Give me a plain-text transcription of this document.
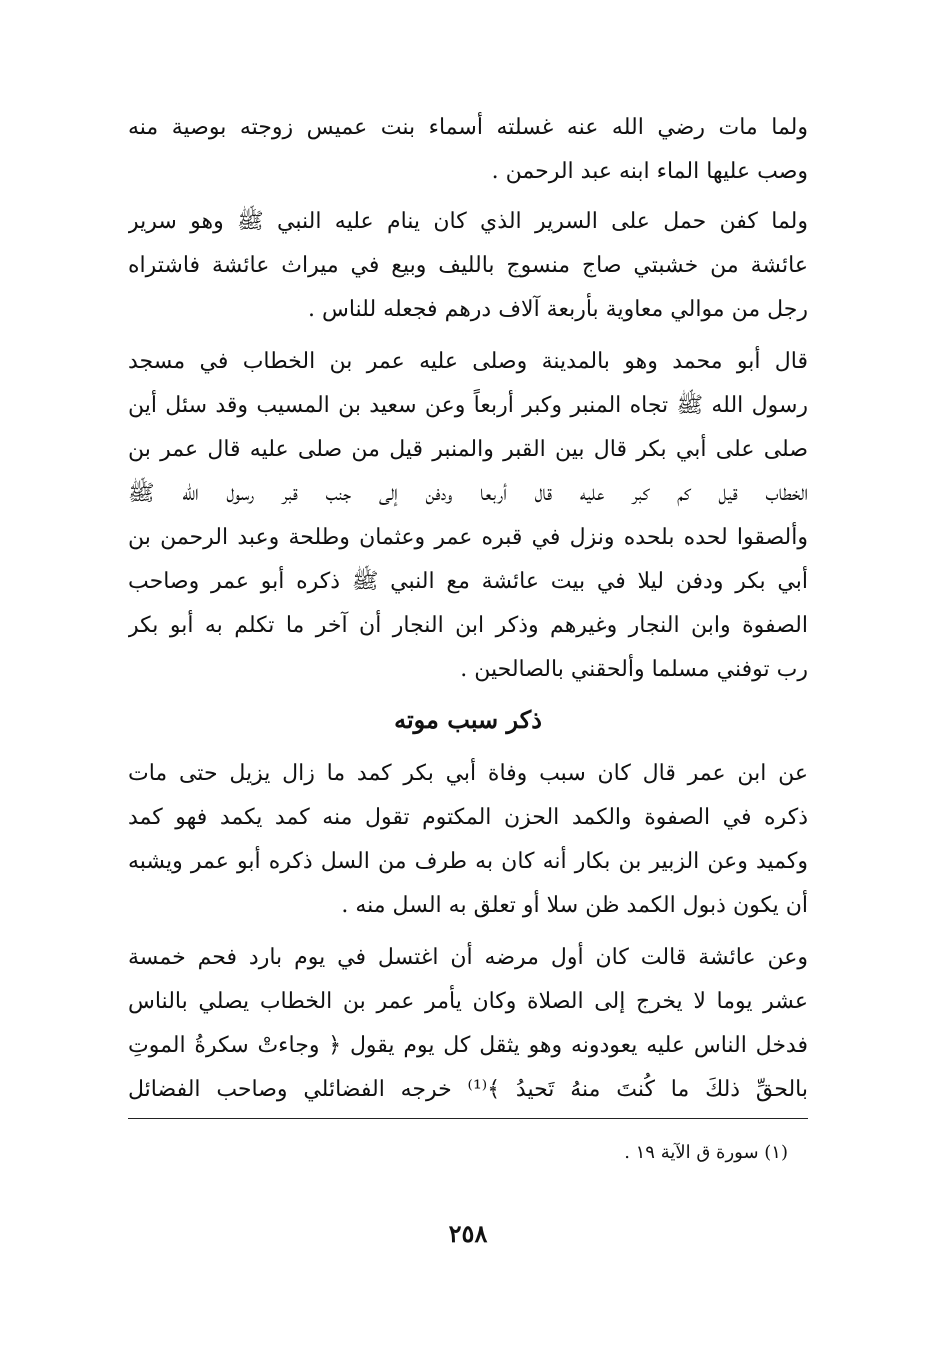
ولما مات رضي الله عنه غسلته أسماء بنت عميس زوجته بوصية منه
وصب عليها الماء ابنه عبد الرحمن .
ولما كفن حمل على السرير الذي كان ينام عليه النبي ﷺ وهو سرير
عائشة من خشبتي صاج منسوج بالليف وبيع في ميراث عائشة فاشتراه
رجل من موالي معاوية بأربعة آلاف درهم فجعله للناس .
قال أبو محمد وهو بالمدينة وصلى عليه عمر بن الخطاب في مسجد
رسول الله ﷺ تجاه المنبر وكبر أربعاً وعن سعيد بن المسيب وقد سئل أين
صلى على أبي بكر قال بين القبر والمنبر قيل من صلى عليه قال عمر بن
الخطاب قيل كم كبر عليه قال أربعا ودفن إلى جنب قبر رسول الله ﷺ
وألصقوا لحده بلحده ونزل في قبره عمر وعثمان وطلحة وعبد الرحمن بن
أبي بكر ودفن ليلا في بيت عائشة مع النبي ﷺ ذكره أبو عمر وصاحب
الصفوة وابن النجار وغيرهم وذكر ابن النجار أن آخر ما تكلم به أبو بكر
رب توفني مسلما وألحقني بالصالحين .
ذكر سبب موته
عن ابن عمر قال كان سبب وفاة أبي بكر كمد ما زال يزيل حتى مات
ذكره في الصفوة والكمد الحزن المكتوم تقول منه كمد يكمد فهو كمد
وكميد وعن الزبير بن بكار أنه كان به طرف من السل ذكره أبو عمر ويشبه
أن يكون ذبول الكمد ظن سلا أو تعلق به السل منه .
وعن عائشة قالت كان أول مرضه أن اغتسل في يوم بارد فحم خمسة
عشر يوما لا يخرج إلى الصلاة وكان يأمر عمر بن الخطاب يصلي بالناس
فدخل الناس عليه يعودونه وهو يثقل كل يوم يقول ﴿ وجاءتْ سكرةُ الموتِ
بالحقِّ ذلكَ ما كُنتَ منهُ تَحيدُ ﴾⁽¹⁾ خرجه الفضائلي وصاحب الفضائل
(١) سورة ق الآية ١٩ .
٢٥٨
